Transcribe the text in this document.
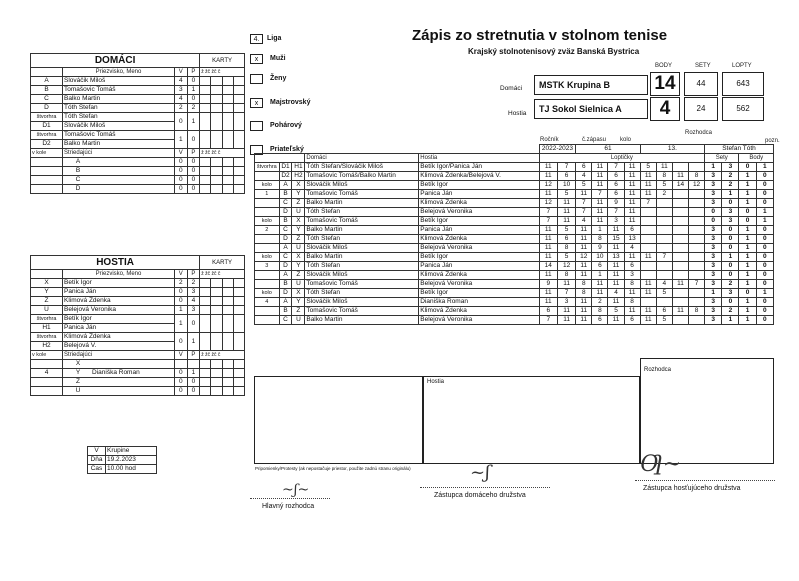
Zápis zo stretnutia v stolnom tenise
Krajský stolnotenisový zväz Banská Bystrica
4.	Liga
x	Muži
Ženy
x	Majstrovský
Pohárový
Priateľský
BODY	SETY	LOPTY
Domáci	MSTK Krupina B	14	44	643
Hostia	TJ Sokol Sielnica A	4	24	562
Ročník	č.zápasu kolo
Rozhodca
pozn.
DOMÁCI				KARTY			
	Priezvisko, Meno	V	P	ž žč žč č			
A	Slováčik Miloš	4	0				
B	Tomašovic Tomáš	3	1				
C	Balko Martin	4	0				
D	Tóth Štefan	2	2				
štvorhra	Tóth Štefan	0	1				
D1	Slováčik Miloš						
štvorhra	Tomašovic Tomáš	1	0				
D2	Balko Martin						
v kole	Striedajúci	V	P	ž žč žč č			
	A	0	0				
	B	0	0				
	C	0	0				
	D	0	0				
HOSTIA				KARTY			
	Priezvisko, Meno	V	P	ž žč žč č			
X	Betík Igor	2	2				
Y	Panica Ján	0	3				
Z	Klimová Zdenka	0	4				
U	Belejová Veronika	1	3				
štvorhra	Betík Igor	1	0				
H1	Panica Ján						
štvorhra	Klimová Zdenka	0	1				
H2	Belejová V.						
v kole	Striedajúci	V	P	ž žč žč č			
	X						
4	Y Dianiška Roman	0	1				
	Z	0	0				
	U	0	0				
V	Krupine
Dňa	19.2.2023
Čas	10.00 hod
					2022-2023		61				13.				Štefan Tóth			
			Domáci	Hostia	Loptičky										Sety		Body	
štvorhra	D1	H1	Tóth Štefan/Slováčik Miloš	Betík Igor/Panica Ján	11	7	6	11	7	11	5	11			1	3	0	1
	D2	H2	Tomašovic Tomáš/Balko Martin	Klimová Zdenka/Belejová V.	11	6	4	11	6	11	11	8	11	8	3	2	1	0
kolo	A	X	Slováčik Miloš	Betík Igor	12	10	5	11	6	11	11	5	14	12	3	2	1	0
1	B	Y	Tomašovic Tomáš	Panica Ján	11	5	11	7	6	11	11	2			3	1	1	0
	C	Z	Balko Martin	Klimová Zdenka	12	11	7	11	9	11	7				3	0	1	0
	D	U	Tóth Štefan	Belejová Veronika	7	11	7	11	7	11					0	3	0	1
kolo	B	X	Tomašovic Tomáš	Betík Igor	7	11	4	11	3	11					0	3	0	1
2	C	Y	Balko Martin	Panica Ján	11	5	11	1	11	6					3	0	1	0
	D	Z	Tóth Štefan	Klimová Zdenka	11	6	11	8	15	13					3	0	1	0
	A	U	Slováčik Miloš	Belejová Veronika	11	8	11	9	11	4					3	0	1	0
kolo	C	X	Balko Martin	Betík Igor	11	5	12	10	13	11	11	7			3	1	1	0
3	D	Y	Tóth Štefan	Panica Ján	14	12	11	6	11	6					3	0	1	0
	A	Z	Slováčik Miloš	Klimová Zdenka	11	8	11	1	11	3					3	0	1	0
	B	U	Tomašovic Tomáš	Belejová Veronika	9	11	8	11	11	8	11	4	11	7	3	2	1	0
kolo	D	X	Tóth Štefan	Betík Igor	11	7	8	11	4	11	11	5			1	3	0	1
4	A	Y	Slováčik Miloš	Dianiška Roman	11	3	11	2	11	8					3	0	1	0
	B	Z	Tomašovic Tomáš	Klimová Zdenka	6	11	11	8	5	11	11	6	11	8	3	2	1	0
	C	U	Balko Martin	Belejová Veronika	7	11	11	6	11	6	11	5			3	1	1	0
Hostia
Rozhodca
Pripomienky/Protesty (ak nepostačuje priestor, použite zadnú stranu originálu)
~ʃ~
~ʃ	Ƣ~
Hlavný rozhodca
Zástupca domáceho družstva
Zástupca hosťujúceho družstva
